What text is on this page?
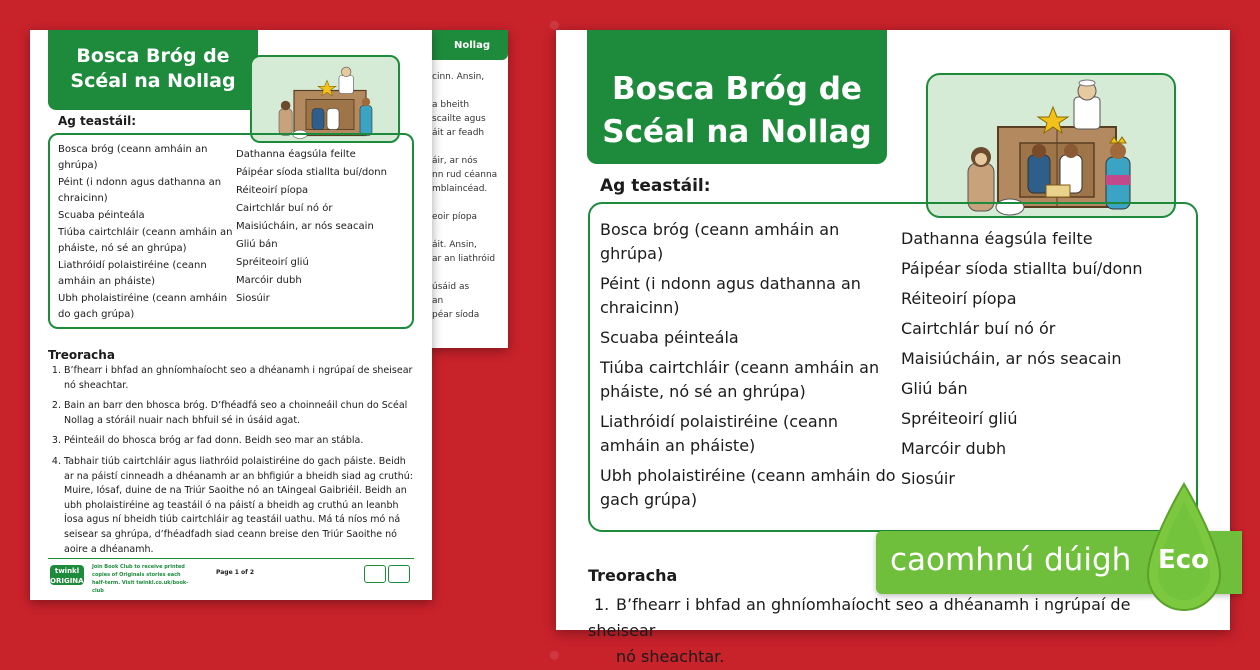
Nollag
cinn. Ansin,

a bheith
scailte agus
áit ar feadh

áir, ar nós
nn rud céanna
mblaincéad.

eoir píopa

áit. Ansin,
ar an liathróid

úsáid as
an
péar síoda
Bosca Bróg de
Scéal na Nollag
Ag teastáil:
Bosca bróg (ceann amháin an ghrúpa)
Péint (i ndonn agus dathanna an chraicinn)
Scuaba péinteála
Tiúba cairtchláir (ceann amháin an pháiste, nó sé an ghrúpa)
Liathróidí polaistiréine (ceann amháin an pháiste)
Ubh pholaistiréine (ceann amháin do gach grúpa)
Dathanna éagsúla feilte
Páipéar síoda stiallta buí/donn
Réiteoirí píopa
Cairtchlár buí nó ór
Maisiúcháin, ar nós seacain
Gliú bán
Spréiteoirí gliú
Marcóir dubh
Siosúir
Treoracha
1. B’fhearr i bhfad an ghníomhaíocht seo a dhéanamh i ngrúpaí de sheisear nó sheachtar.
2. Bain an barr den bhosca bróg. D’fhéadfá seo a choinneáil chun do Scéal Nollag a stóráil nuair nach bhfuil sé in úsáid agat.
3. Péinteáil do bhosca bróg ar fad donn. Beidh seo mar an stábla.
4. Tabhair tiúb cairtchláir agus liathróid polaistiréine do gach páiste. Beidh ar na páistí cinneadh a dhéanamh ar an bhfigiúr a bheidh siad ag cruthú: Muire, Iósaf, duine de na Triúr Saoithe nó an tAingeal Gaibriéil. Beidh an ubh pholaistiréine ag teastáil ó na páistí a bheidh ag cruthú an leanbh Íosa agus ní bheidh tiúb cairtchláir ag teastáil uathu. Má tá níos mó ná seisear sa ghrúpa, d’fhéadfadh siad ceann breise den Triúr Saoithe nó aoire a dhéanamh.
twinkl ORIGINALS
Join Book Club to receive printed copies of Originals stories each half-term. Visit twinkl.co.uk/book-club
Page 1 of 2
Bosca Bróg de
Scéal na Nollag
Ag teastáil:
Bosca bróg (ceann amháin an ghrúpa)
Péint (i ndonn agus dathanna an chraicinn)
Scuaba péinteála
Tiúba cairtchláir (ceann amháin an pháiste, nó sé an ghrúpa)
Liathróidí polaistiréine (ceann amháin an pháiste)
Ubh pholaistiréine (ceann amháin do gach grúpa)
Dathanna éagsúla feilte
Páipéar síoda stiallta buí/donn
Réiteoirí píopa
Cairtchlár buí nó ór
Maisiúcháin, ar nós seacain
Gliú bán
Spréiteoirí gliú
Marcóir dubh
Siosúir
Treoracha
1. B’fhearr i bhfad an ghníomhaíocht seo a dhéanamh i ngrúpaí de sheisear
nó sheachtar.
caomhnú dúigh Eco
